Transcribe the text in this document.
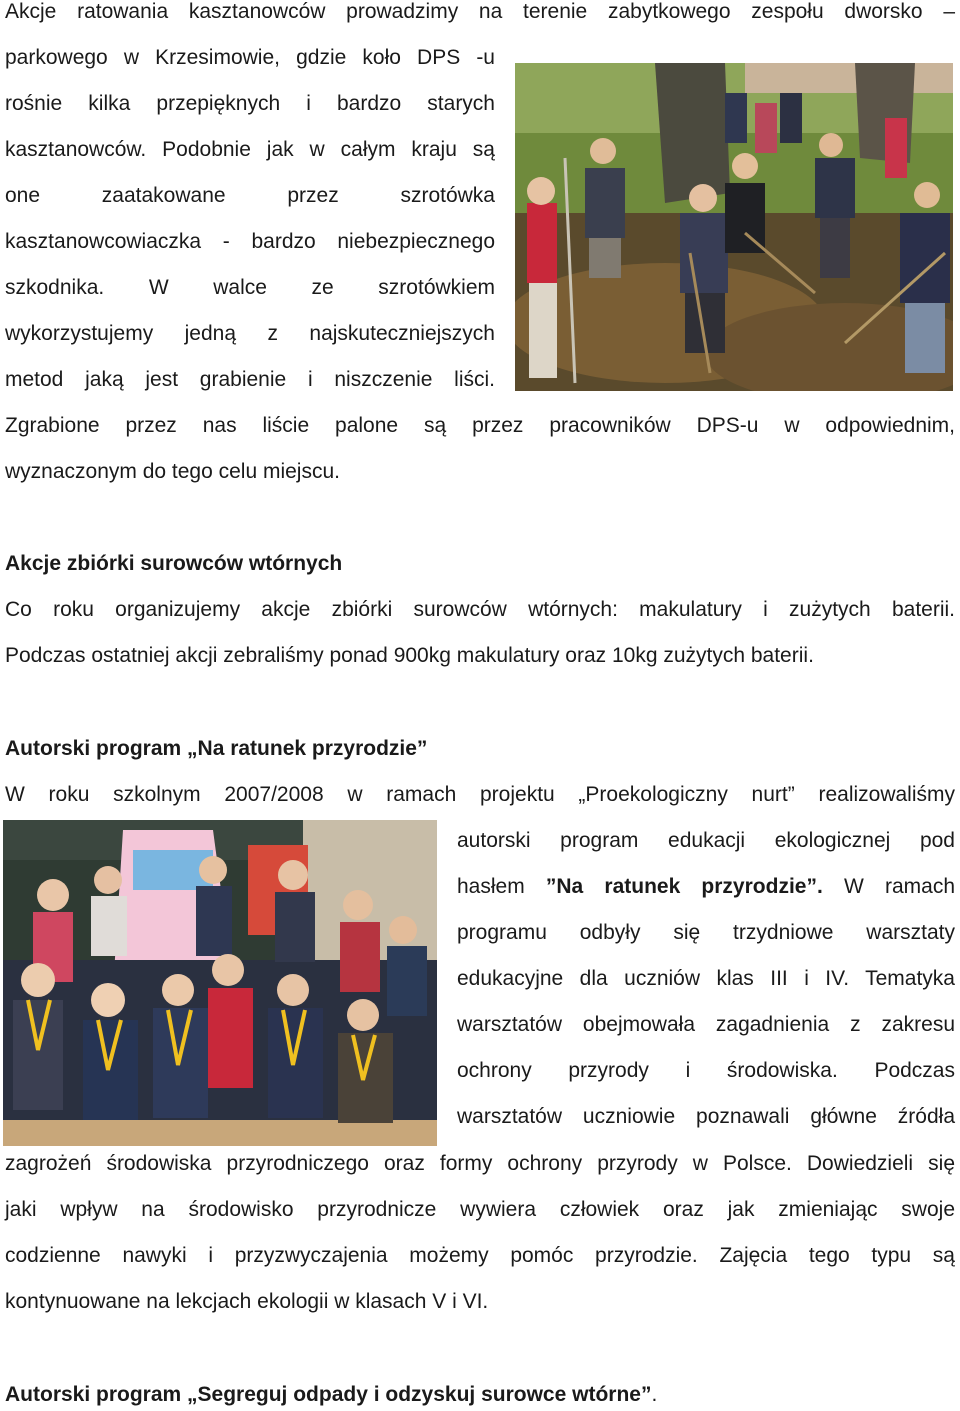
Akcje ratowania kasztanowców prowadzimy na terenie zabytkowego zespołu dworsko –
parkowego w Krzesimowie, gdzie koło DPS -u
rośnie kilka przepięknych i bardzo starych
kasztanowców. Podobnie jak w całym kraju są
one zaatakowane przez szrotówka
kasztanowcowiaczka - bardzo niebezpiecznego
szkodnika. W walce ze szrotówkiem
wykorzystujemy jedną z najskuteczniejszych
metod jaką jest grabienie i niszczenie liści.
Zgrabione przez nas liście palone są przez pracowników DPS-u w odpowiednim,
wyznaczonym do tego celu miejscu.
Akcje zbiórki surowców wtórnych
Co roku organizujemy akcje zbiórki surowców wtórnych: makulatury i zużytych baterii.
Podczas ostatniej akcji zebraliśmy ponad 900kg makulatury oraz 10kg zużytych baterii.
Autorski program „Na ratunek przyrodzie”
W roku szkolnym 2007/2008 w ramach projektu „Proekologiczny nurt” realizowaliśmy
autorski program edukacji ekologicznej pod
hasłem ”Na ratunek przyrodzie”. W ramach
programu odbyły się trzydniowe warsztaty
edukacyjne dla uczniów klas III i IV. Tematyka
warsztatów obejmowała zagadnienia z zakresu
ochrony przyrody i środowiska. Podczas
warsztatów uczniowie poznawali główne źródła
zagrożeń środowiska przyrodniczego oraz formy ochrony przyrody w Polsce. Dowiedzieli się
jaki wpływ na środowisko przyrodnicze wywiera człowiek oraz jak zmieniając swoje
codzienne nawyki i przyzwyczajenia możemy pomóc przyrodzie. Zajęcia tego typu są
kontynuowane na lekcjach ekologii w klasach V i VI.
Autorski program „Segreguj odpady i odzyskuj surowce wtórne”.
